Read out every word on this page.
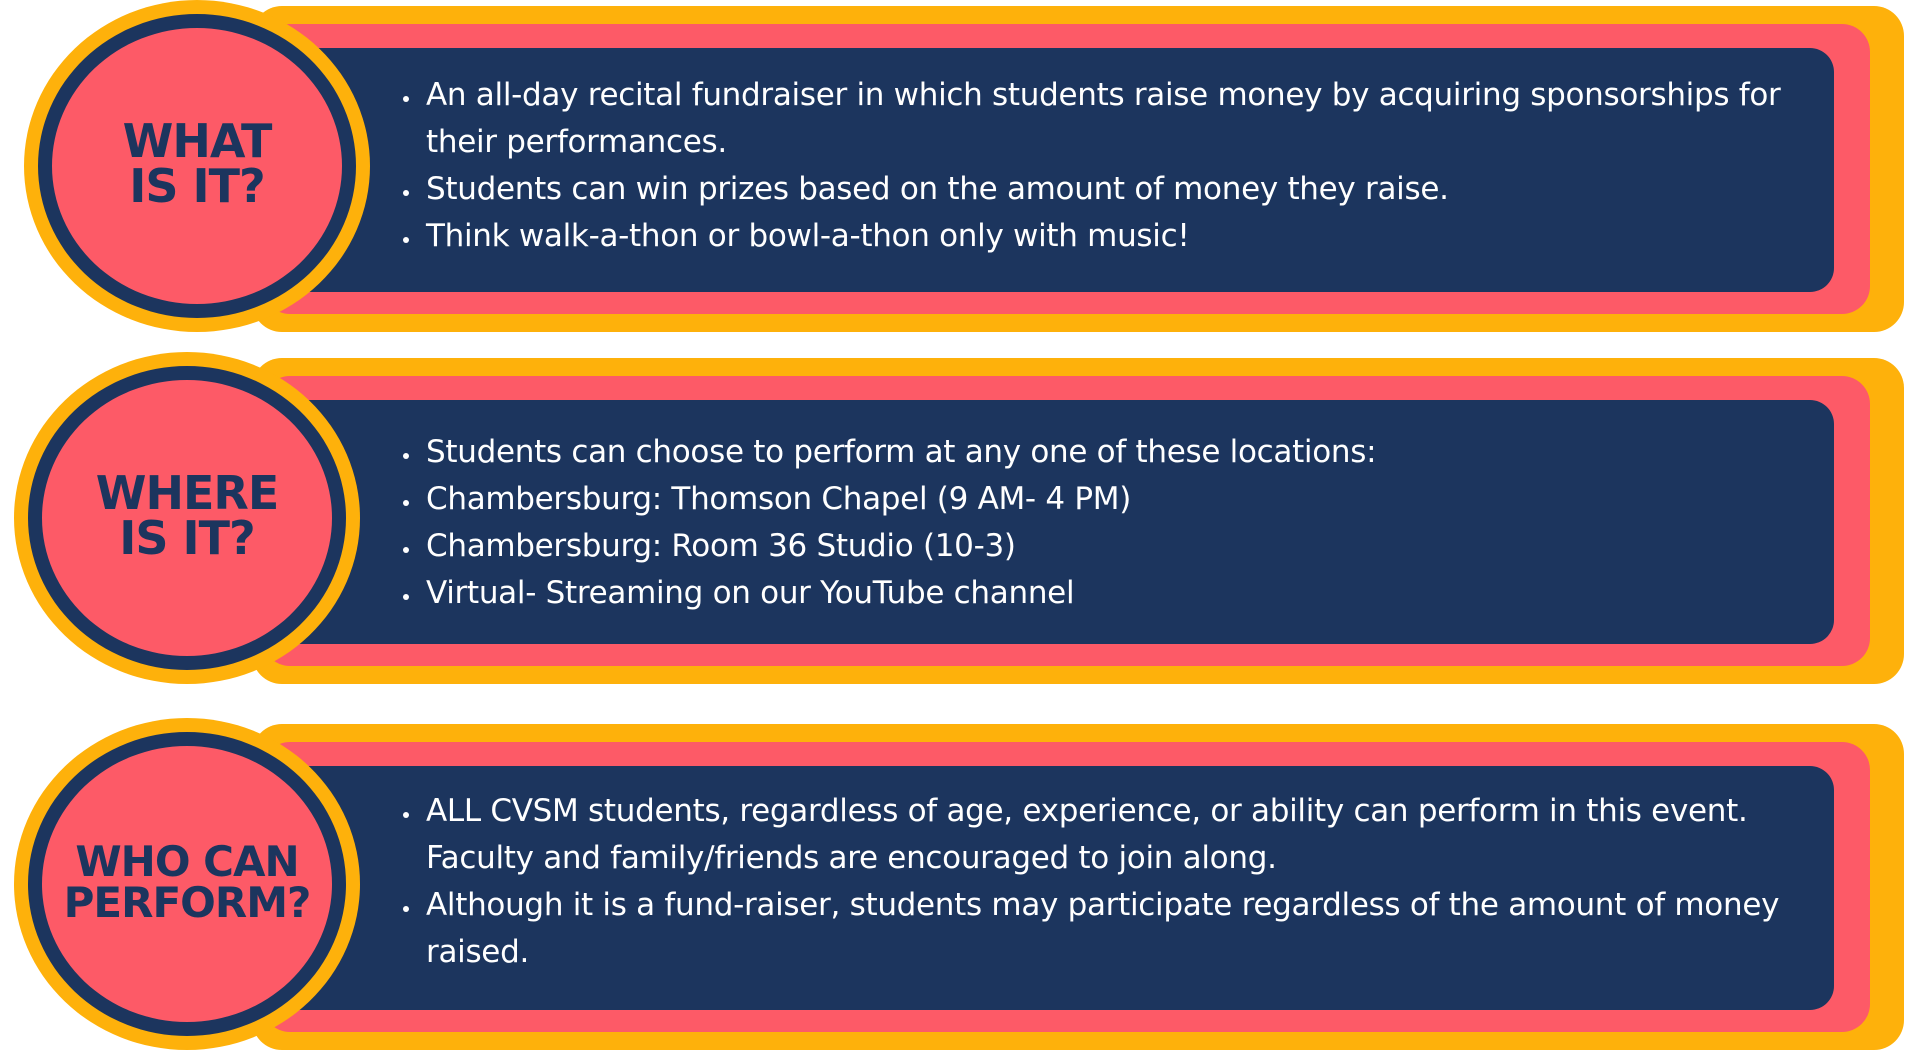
WHAT
IS IT?
• An all-day recital fundraiser in which students raise money by acquiring sponsorships for their performances.
• Students can win prizes based on the amount of money they raise.
• Think walk-a-thon or bowl-a-thon only with music!
WHERE
IS IT?
• Students can choose to perform at any one of these locations:
• Chambersburg: Thomson Chapel (9 AM- 4 PM)
• Chambersburg: Room 36 Studio (10-3)
• Virtual- Streaming on our YouTube channel
WHO CAN
PERFORM?
• ALL CVSM students, regardless of age, experience, or ability can perform in this event. Faculty and family/friends are encouraged to join along.
• Although it is a fund-raiser, students may participate regardless of the amount of money raised.
